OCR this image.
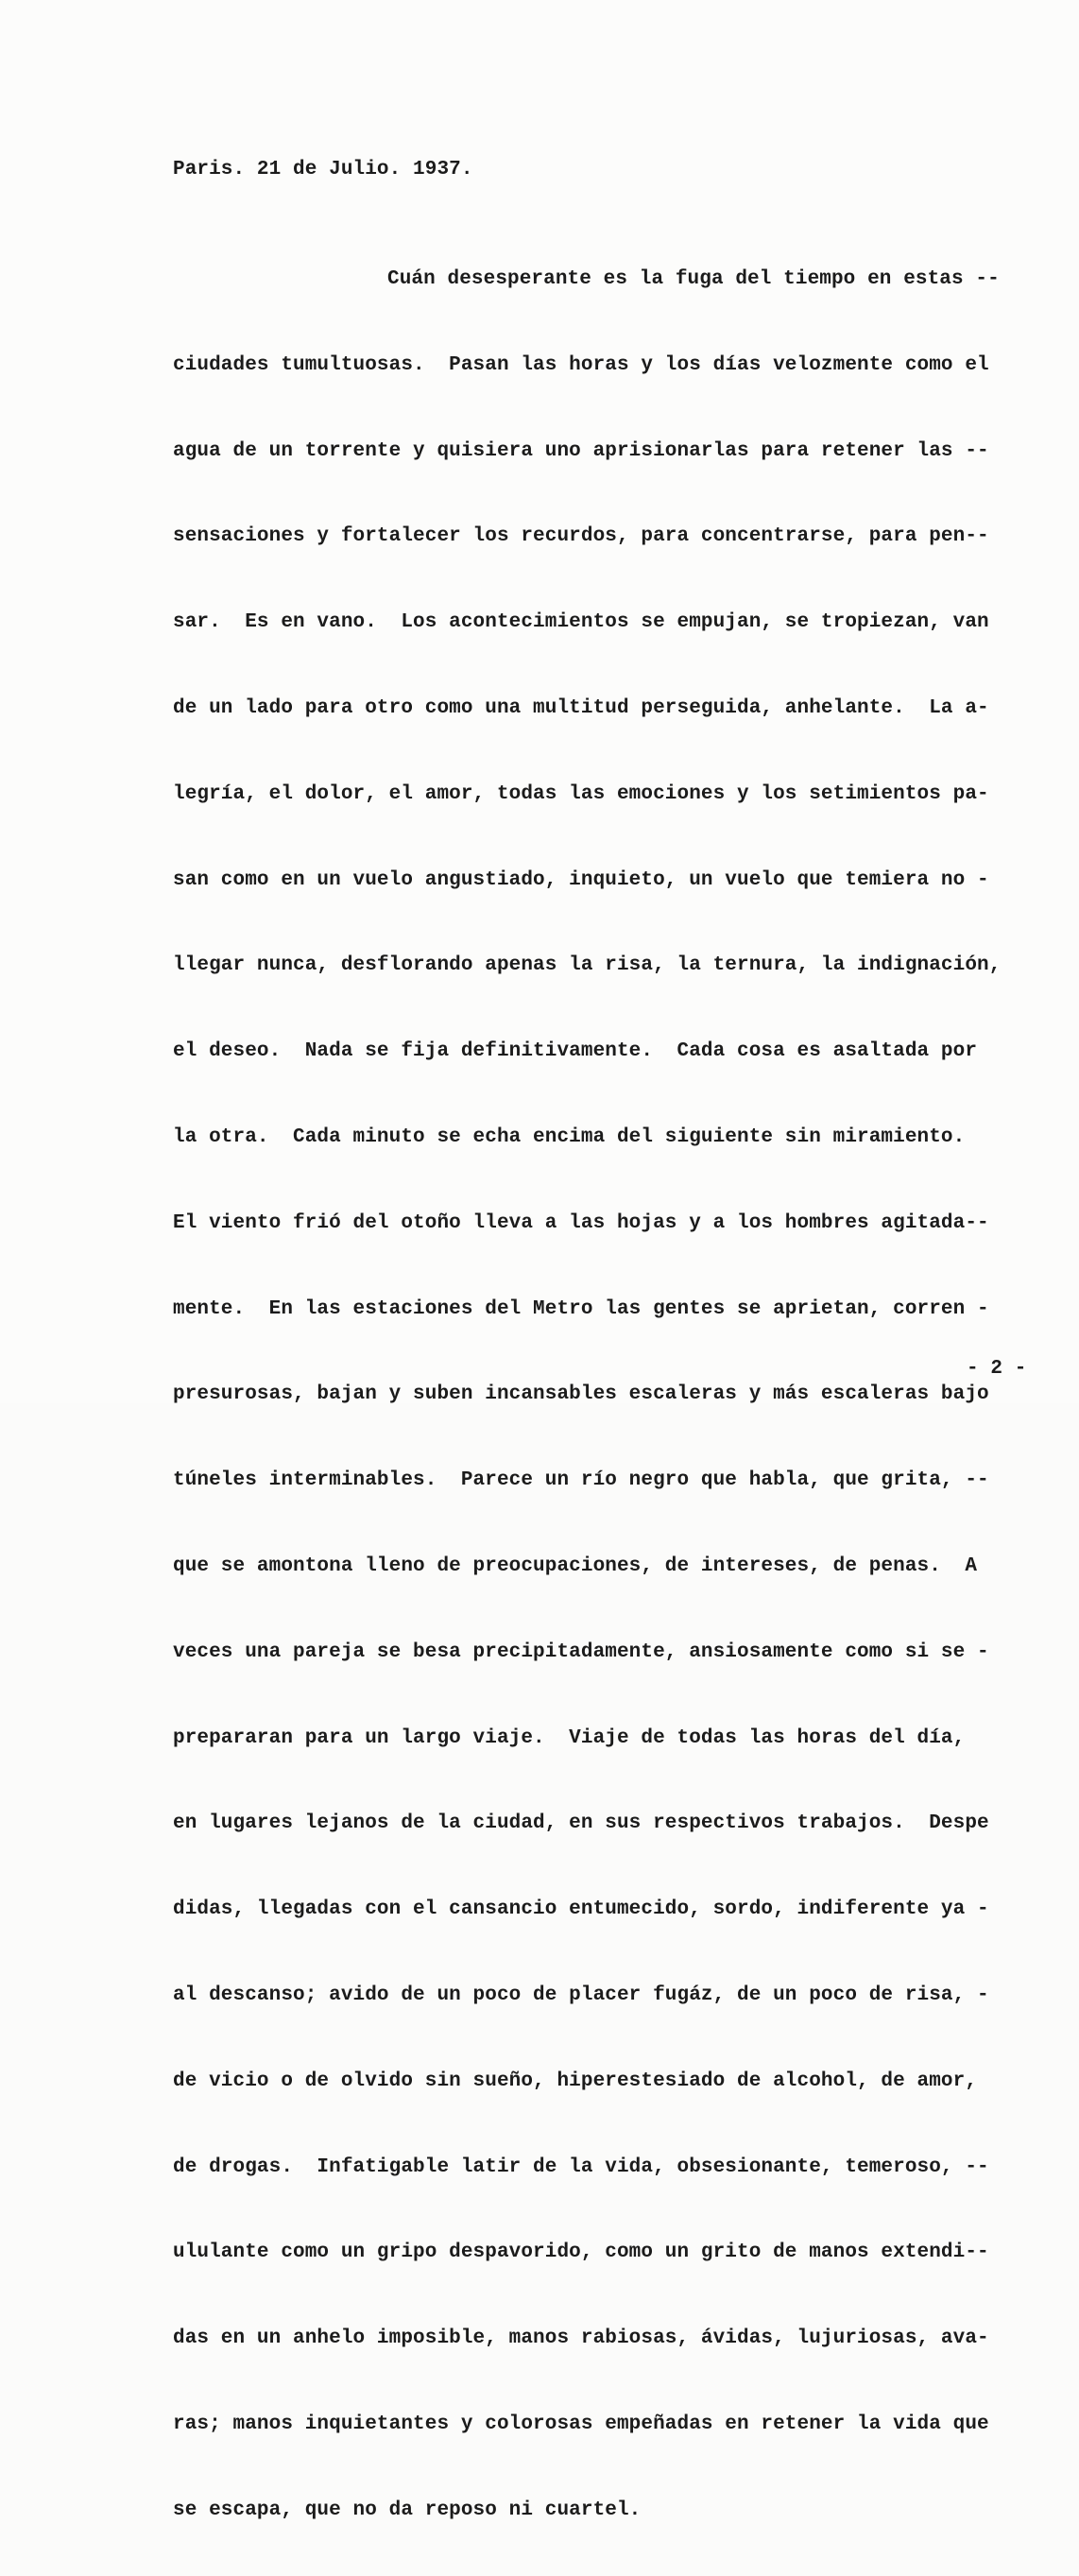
Paris. 21 de Julio. 1937.

Cuán desesperante es la fuga del tiempo en estas --

ciudades tumultuosas.  Pasan las horas y los días velozmente como el

agua de un torrente y quisiera uno aprisionarlas para retener las --

sensaciones y fortalecer los recurdos, para concentrarse, para pen--

sar.  Es en vano.  Los acontecimientos se empujan, se tropiezan, van

de un lado para otro como una multitud perseguida, anhelante.  La a-

legría, el dolor, el amor, todas las emociones y los setimientos pa-

san como en un vuelo angustiado, inquieto, un vuelo que temiera no -

llegar nunca, desflorando apenas la risa, la ternura, la indignación,

el deseo.  Nada se fija definitivamente.  Cada cosa es asaltada por

la otra.  Cada minuto se echa encima del siguiente sin miramiento.

El viento frió del otoño lleva a las hojas y a los hombres agitada--

mente.  En las estaciones del Metro las gentes se aprietan, corren -

presurosas, bajan y suben incansables escaleras y más escaleras bajo

túneles interminables.  Parece un río negro que habla, que grita, --

que se amontona lleno de preocupaciones, de intereses, de penas.  A

veces una pareja se besa precipitadamente, ansiosamente como si se -

prepararan para un largo viaje.  Viaje de todas las horas del día,

en lugares lejanos de la ciudad, en sus respectivos trabajos.  Despe

didas, llegadas con el cansancio entumecido, sordo, indiferente ya -

al descanso; avido de un poco de placer fugáz, de un poco de risa, -

de vicio o de olvido sin sueño, hiperestesiado de alcohol, de amor,

de drogas.  Infatigable latir de la vida, obsesionante, temeroso, --

ululante como un gripo despavorido, como un grito de manos extendi--

das en un anhelo imposible, manos rabiosas, ávidas, lujuriosas, ava-

ras; manos inquietantes y colorosas empeñadas en retener la vida que

se escapa, que no da reposo ni cuartel.

- 2 -
